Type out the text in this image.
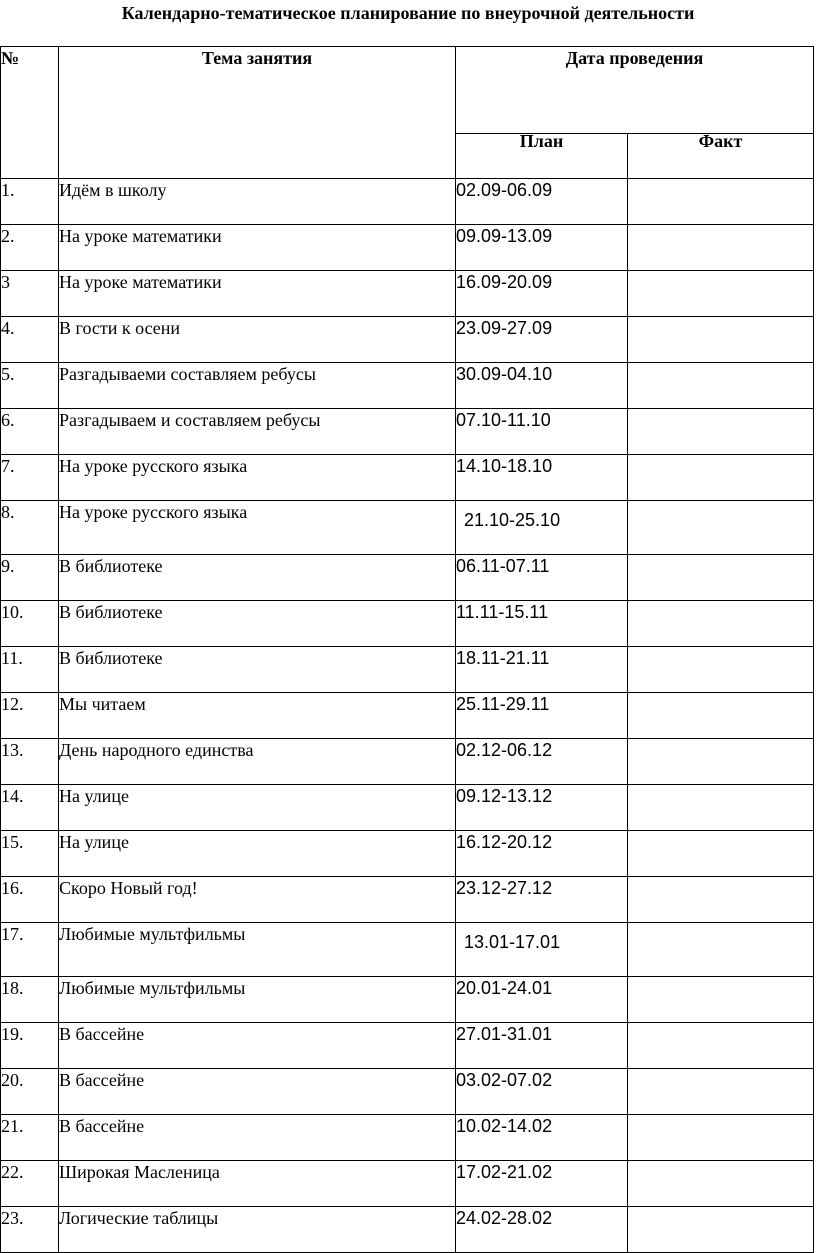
Календарно-тематическое планирование по внеурочной деятельности
№	Тема занятия	Дата проведения	
		План	Факт
1.	Идём в школу	02.09-06.09	
2.	На уроке математики	09.09-13.09	
3	На уроке математики	16.09-20.09	
4.	В гости к осени	23.09-27.09	
5.	Разгадываеми составляем ребусы	30.09-04.10	
6.	Разгадываем и составляем ребусы	07.10-11.10	
7.	На уроке русского языка	14.10-18.10	
8.	На уроке русского языка	21.10-25.10	
9.	В библиотеке	06.11-07.11	
10.	В библиотеке	11.11-15.11	
11.	В библиотеке	18.11-21.11	
12.	Мы читаем	25.11-29.11	
13.	День народного единства	02.12-06.12	
14.	На улице	09.12-13.12	
15.	На улице	16.12-20.12	
16.	Скоро Новый год!	23.12-27.12	
17.	Любимые мультфильмы	13.01-17.01	
18.	Любимые мультфильмы	20.01-24.01	
19.	В бассейне	27.01-31.01	
20.	В бассейне	03.02-07.02	
21.	В бассейне	10.02-14.02	
22.	Широкая Масленица	17.02-21.02	
23.	Логические таблицы	24.02-28.02	
